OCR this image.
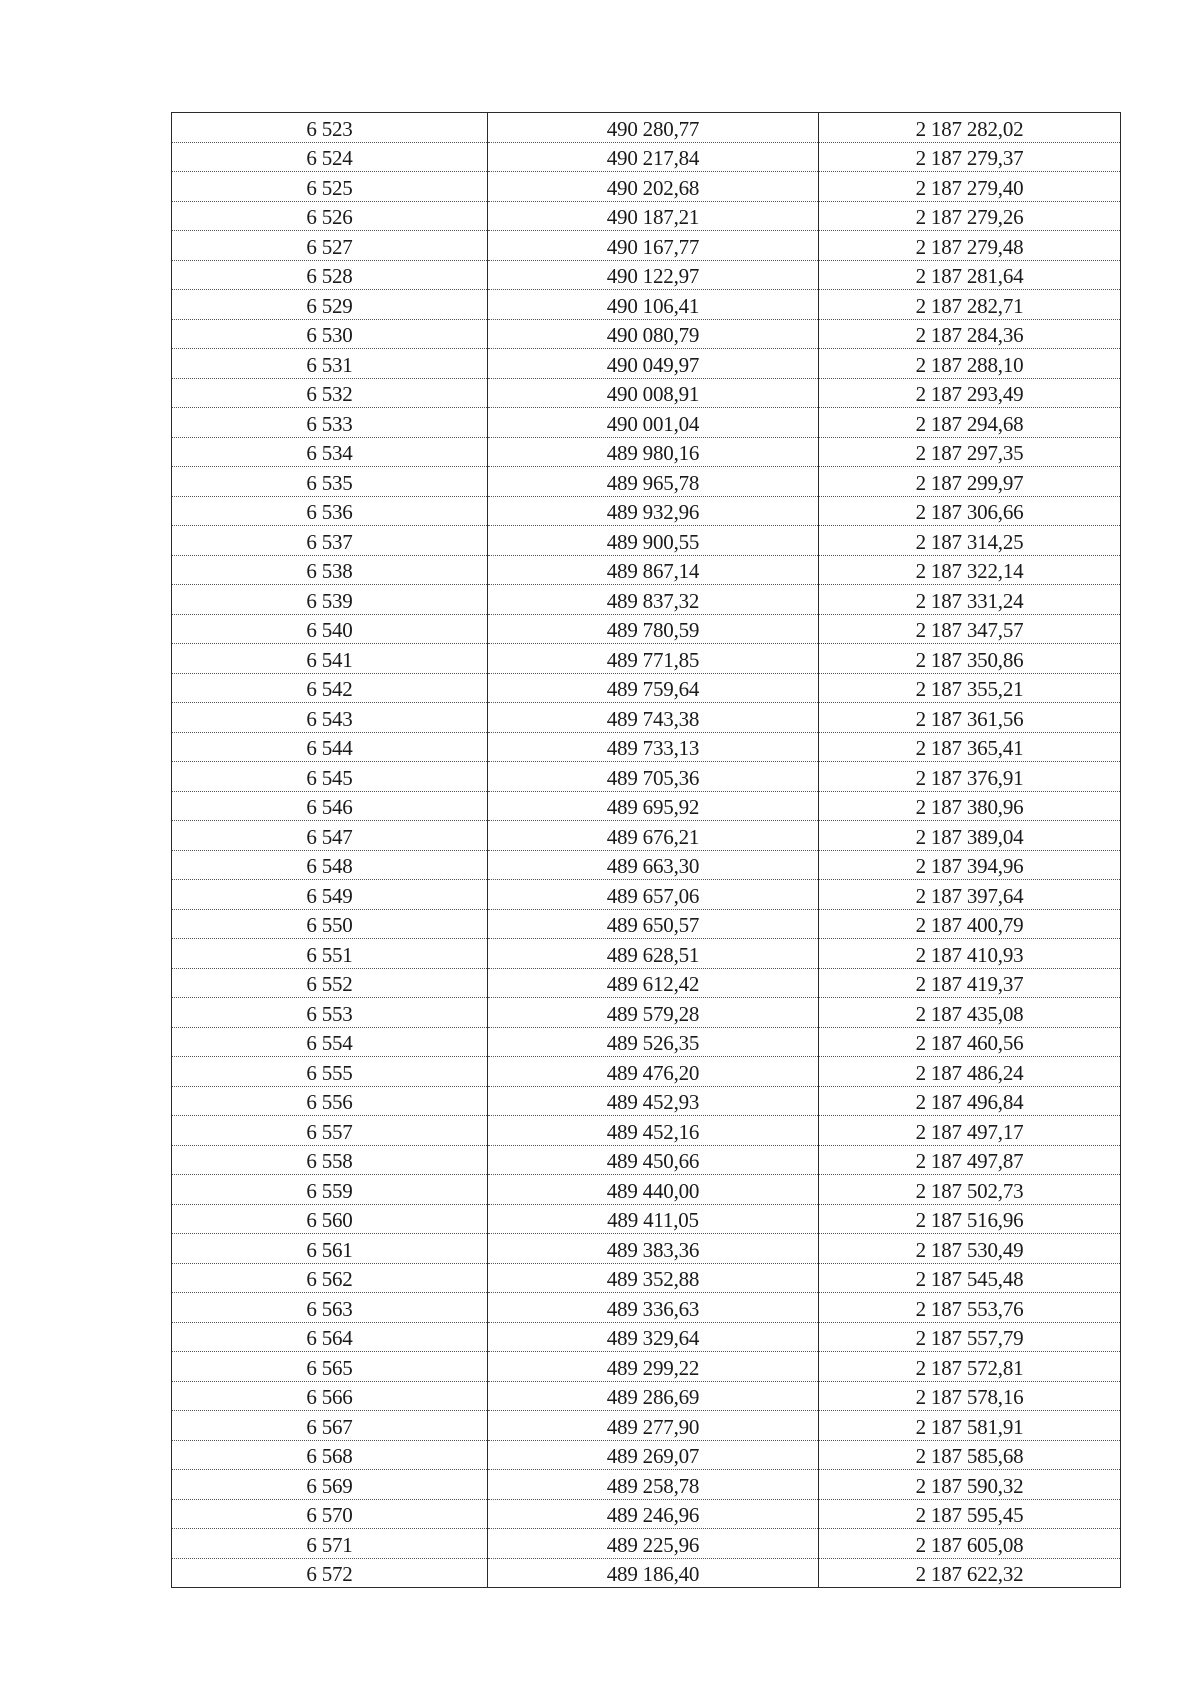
6 523	490 280,77	2 187 282,02
6 524	490 217,84	2 187 279,37
6 525	490 202,68	2 187 279,40
6 526	490 187,21	2 187 279,26
6 527	490 167,77	2 187 279,48
6 528	490 122,97	2 187 281,64
6 529	490 106,41	2 187 282,71
6 530	490 080,79	2 187 284,36
6 531	490 049,97	2 187 288,10
6 532	490 008,91	2 187 293,49
6 533	490 001,04	2 187 294,68
6 534	489 980,16	2 187 297,35
6 535	489 965,78	2 187 299,97
6 536	489 932,96	2 187 306,66
6 537	489 900,55	2 187 314,25
6 538	489 867,14	2 187 322,14
6 539	489 837,32	2 187 331,24
6 540	489 780,59	2 187 347,57
6 541	489 771,85	2 187 350,86
6 542	489 759,64	2 187 355,21
6 543	489 743,38	2 187 361,56
6 544	489 733,13	2 187 365,41
6 545	489 705,36	2 187 376,91
6 546	489 695,92	2 187 380,96
6 547	489 676,21	2 187 389,04
6 548	489 663,30	2 187 394,96
6 549	489 657,06	2 187 397,64
6 550	489 650,57	2 187 400,79
6 551	489 628,51	2 187 410,93
6 552	489 612,42	2 187 419,37
6 553	489 579,28	2 187 435,08
6 554	489 526,35	2 187 460,56
6 555	489 476,20	2 187 486,24
6 556	489 452,93	2 187 496,84
6 557	489 452,16	2 187 497,17
6 558	489 450,66	2 187 497,87
6 559	489 440,00	2 187 502,73
6 560	489 411,05	2 187 516,96
6 561	489 383,36	2 187 530,49
6 562	489 352,88	2 187 545,48
6 563	489 336,63	2 187 553,76
6 564	489 329,64	2 187 557,79
6 565	489 299,22	2 187 572,81
6 566	489 286,69	2 187 578,16
6 567	489 277,90	2 187 581,91
6 568	489 269,07	2 187 585,68
6 569	489 258,78	2 187 590,32
6 570	489 246,96	2 187 595,45
6 571	489 225,96	2 187 605,08
6 572	489 186,40	2 187 622,32
